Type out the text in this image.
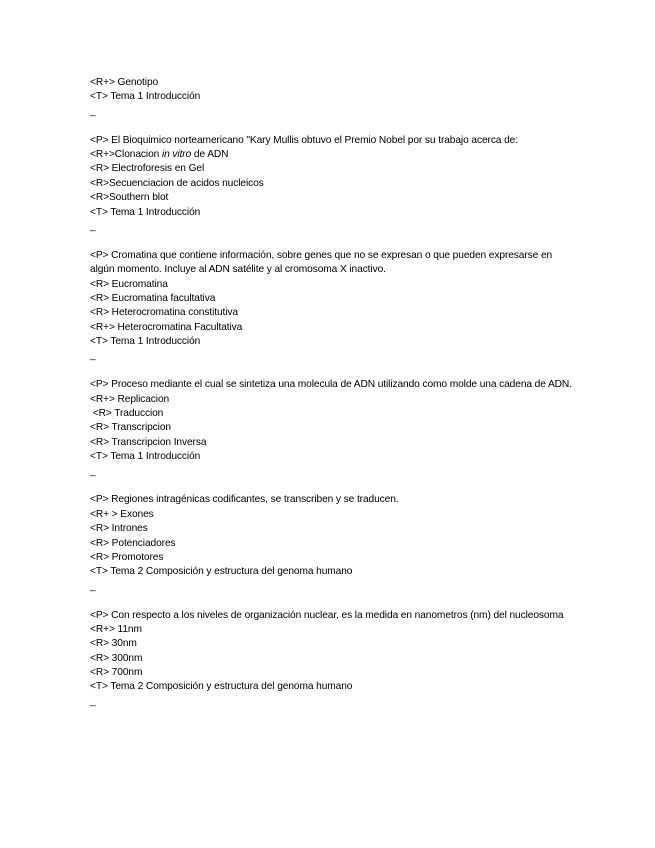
<R+> Genotipo
<T> Tema 1 Introducción
_
<P> El Bioquimico norteamericano "Kary Mullis obtuvo el Premio Nobel por su trabajo acerca de:
<R+>Clonacion in vitro de ADN
<R> Electroforesis en Gel
<R>Secuenciacion de acidos nucleicos
<R>Southern blot
<T> Tema 1 Introducción
_
<P> Cromatina que contiene información, sobre genes que no se expresan o que pueden expresarse en algún momento. Incluye al ADN satélite y al cromosoma X inactivo.
<R> Eucromatina
<R> Eucromatina facultativa
<R> Heterocromatina constitutiva
<R+> Heterocromatina Facultativa
<T> Tema 1 Introducción
_
<P> Proceso mediante el cual se sintetiza una molecula de ADN utilizando como molde una cadena de ADN.
<R+> Replicacion
<R> Traduccion
<R> Transcripcion
<R> Transcripcion Inversa
<T> Tema 1 Introducción
_
<P> Regiones intragénicas codificantes, se transcriben y se traducen.
<R+ > Exones
<R> Intrones
<R> Potenciadores
<R> Promotores
<T> Tema 2 Composición y estructura del genoma humano
_
<P> Con respecto a los niveles de organización nuclear, es la medida en nanometros (nm) del nucleosoma
<R+> 11nm
<R> 30nm
<R> 300nm
<R> 700nm
<T> Tema 2 Composición y estructura del genoma humano
_
